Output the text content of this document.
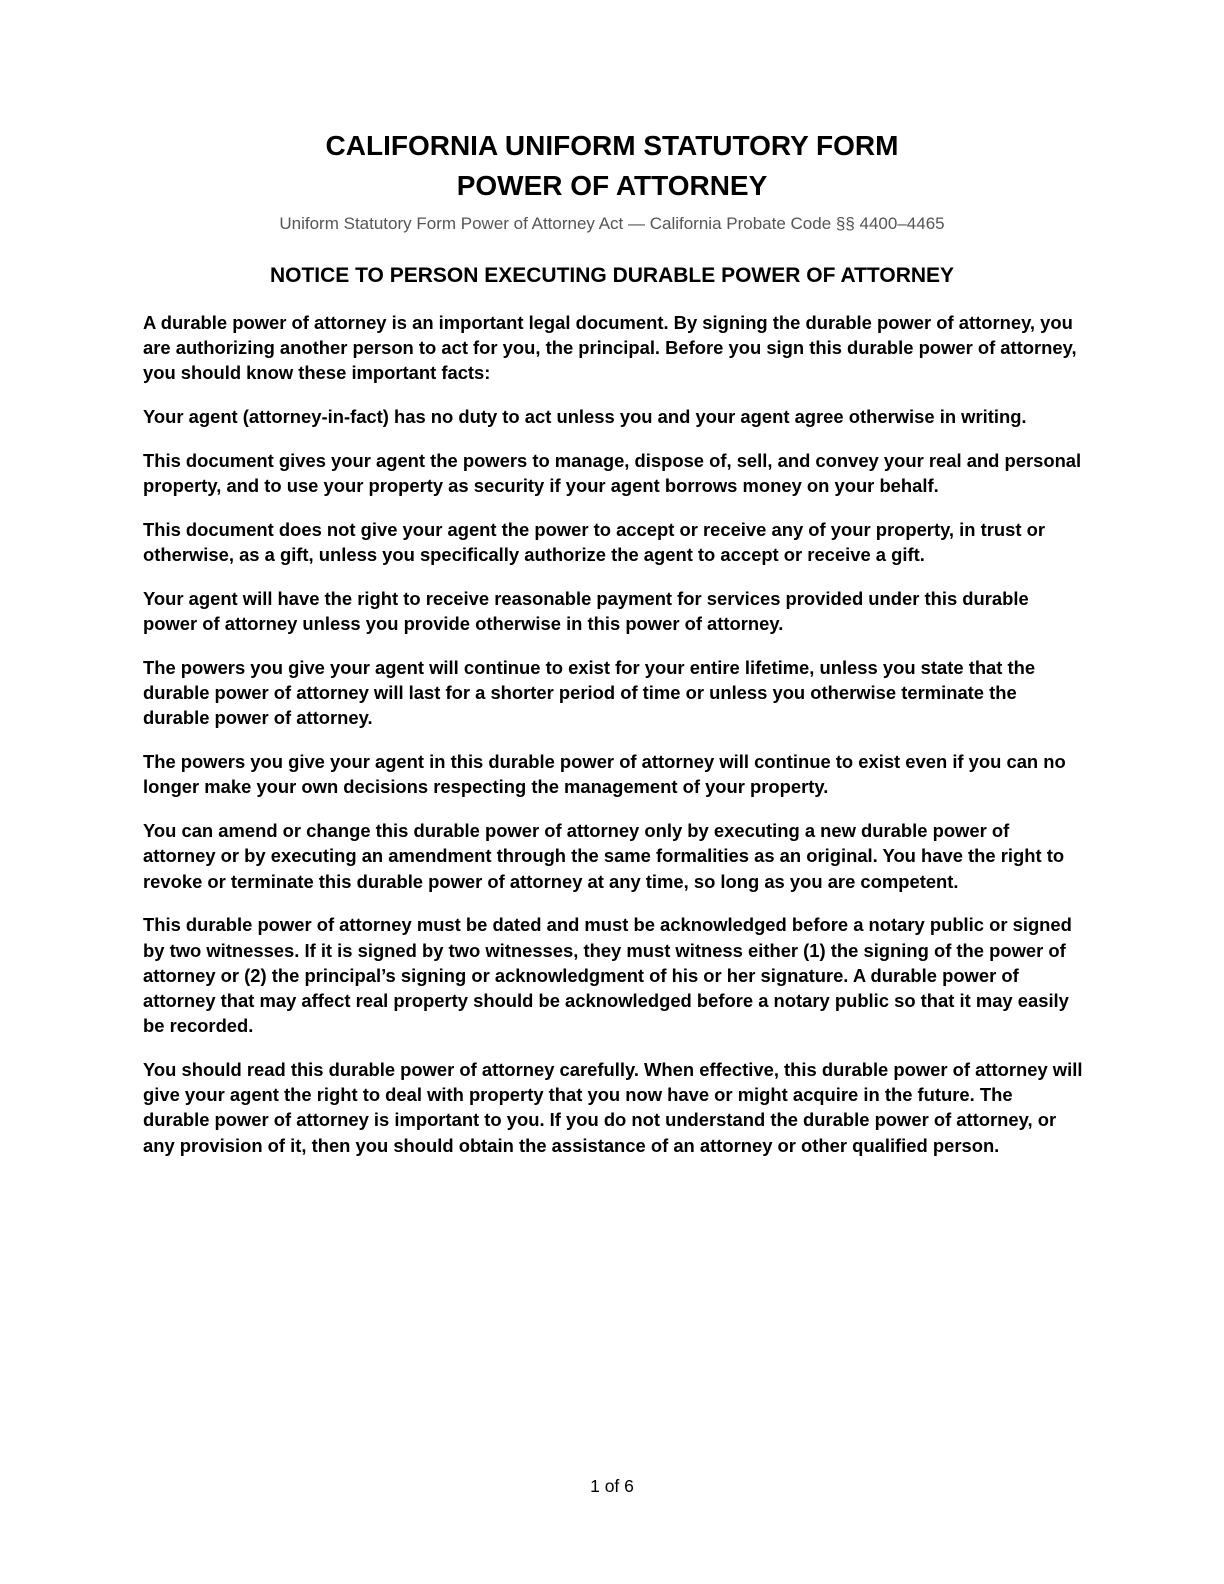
CALIFORNIA UNIFORM STATUTORY FORM
POWER OF ATTORNEY
Uniform Statutory Form Power of Attorney Act — California Probate Code §§ 4400–4465
NOTICE TO PERSON EXECUTING DURABLE POWER OF ATTORNEY

A durable power of attorney is an important legal document. By signing the durable power of attorney, you are authorizing another person to act for you, the principal. Before you sign this durable power of attorney, you should know these important facts:

Your agent (attorney-in-fact) has no duty to act unless you and your agent agree otherwise in writing.

This document gives your agent the powers to manage, dispose of, sell, and convey your real and personal property, and to use your property as security if your agent borrows money on your behalf.

This document does not give your agent the power to accept or receive any of your property, in trust or otherwise, as a gift, unless you specifically authorize the agent to accept or receive a gift.

Your agent will have the right to receive reasonable payment for services provided under this durable power of attorney unless you provide otherwise in this power of attorney.

The powers you give your agent will continue to exist for your entire lifetime, unless you state that the durable power of attorney will last for a shorter period of time or unless you otherwise terminate the durable power of attorney.

The powers you give your agent in this durable power of attorney will continue to exist even if you can no longer make your own decisions respecting the management of your property.

You can amend or change this durable power of attorney only by executing a new durable power of attorney or by executing an amendment through the same formalities as an original. You have the right to revoke or terminate this durable power of attorney at any time, so long as you are competent.

This durable power of attorney must be dated and must be acknowledged before a notary public or signed by two witnesses. If it is signed by two witnesses, they must witness either (1) the signing of the power of attorney or (2) the principal’s signing or acknowledgment of his or her signature. A durable power of attorney that may affect real property should be acknowledged before a notary public so that it may easily be recorded.

You should read this durable power of attorney carefully. When effective, this durable power of attorney will give your agent the right to deal with property that you now have or might acquire in the future. The durable power of attorney is important to you. If you do not understand the durable power of attorney, or any provision of it, then you should obtain the assistance of an attorney or other qualified person.

1 of 6
